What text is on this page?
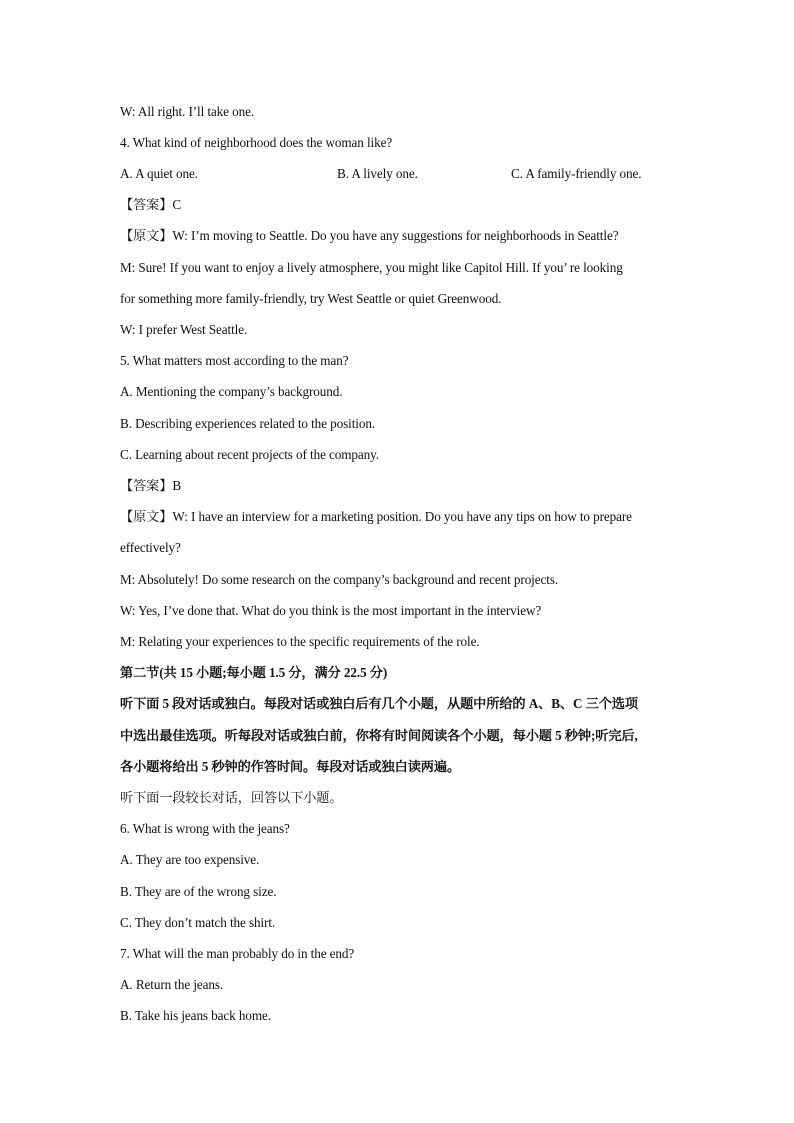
W: All right. I’ll take one.
4. What kind of neighborhood does the woman like?
A. A quiet one.	B. A lively one.	C. A family-friendly one.
【答案】C
【原文】W: I’m moving to Seattle. Do you have any suggestions for neighborhoods in Seattle?
M: Sure! If you want to enjoy a lively atmosphere, you might like Capitol Hill. If you’ re looking
for something more family-friendly, try West Seattle or quiet Greenwood.
W: I prefer West Seattle.
5. What matters most according to the man?
A. Mentioning the company’s background.
B. Describing experiences related to the position.
C. Learning about recent projects of the company.
【答案】B
【原文】W: I have an interview for a marketing position. Do you have any tips on how to prepare
effectively?
M: Absolutely! Do some research on the company’s background and recent projects.
W: Yes, I’ve done that. What do you think is the most important in the interview?
M: Relating your experiences to the specific requirements of the role.
第二节(共 15 小题;每小题 1.5 分，满分 22.5 分)
听下面 5 段对话或独白。每段对话或独白后有几个小题，从题中所给的 A、B、C 三个选项
中选出最佳选项。听每段对话或独白前，你将有时间阅读各个小题，每小题 5 秒钟;听完后,
各小题将给出 5 秒钟的作答时间。每段对话或独白读两遍。
听下面一段较长对话，回答以下小题。
6. What is wrong with the jeans?
A. They are too expensive.
B. They are of the wrong size.
C. They don’t match the shirt.
7. What will the man probably do in the end?
A. Return the jeans.
B. Take his jeans back home.
